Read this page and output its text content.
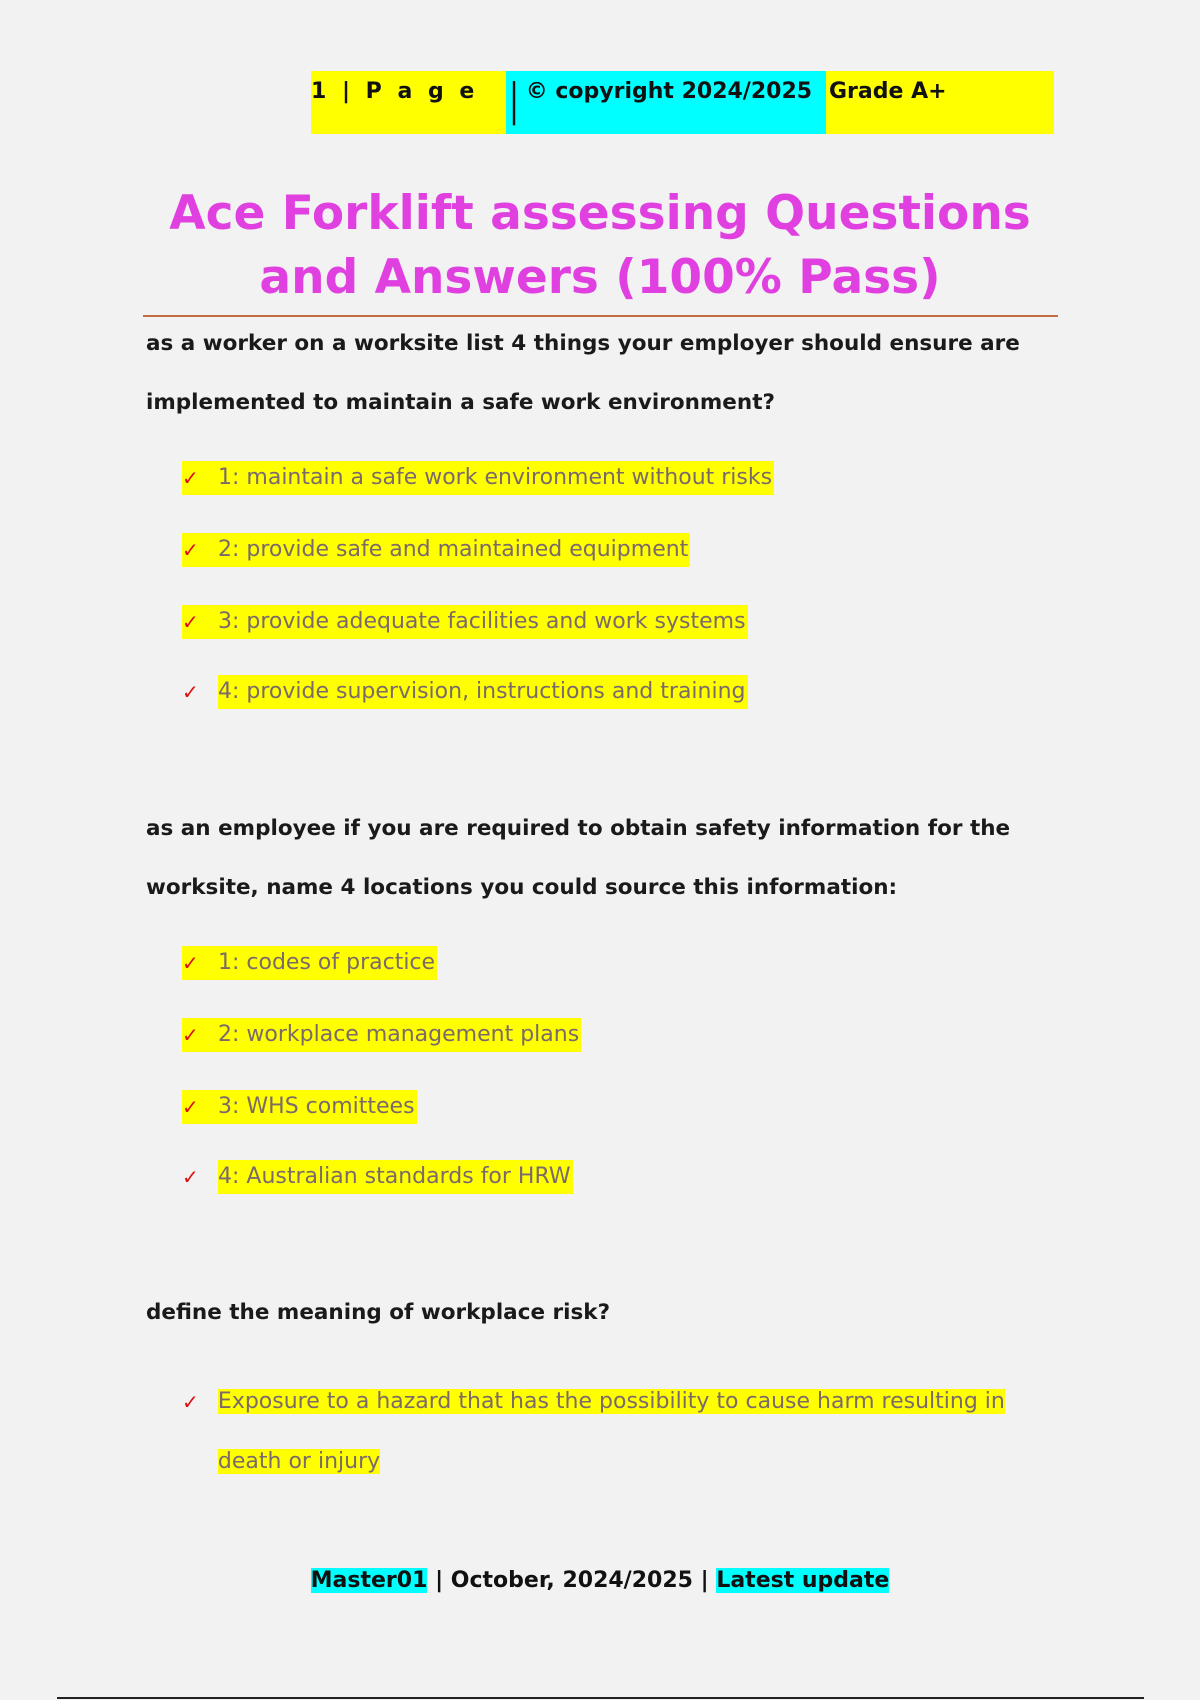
1 | P a g e	| © copyright 2024/2025 |
Grade A+
Ace Forklift assessing Questions and Answers (100% Pass)
as a worker on a worksite list 4 things your employer should ensure are implemented to maintain a safe work environment?
✓ 1: maintain a safe work environment without risks
✓ 2: provide safe and maintained equipment
✓ 3: provide adequate facilities and work systems
✓ 4: provide supervision, instructions and training
as an employee if you are required to obtain safety information for the worksite, name 4 locations you could source this information:
✓ 1: codes of practice
✓ 2: workplace management plans
✓ 3: WHS comittees
✓ 4: Australian standards for HRW
define the meaning of workplace risk?
✓ Exposure to a hazard that has the possibility to cause harm resulting in death or injury
Master01 | October, 2024/2025 | Latest update
